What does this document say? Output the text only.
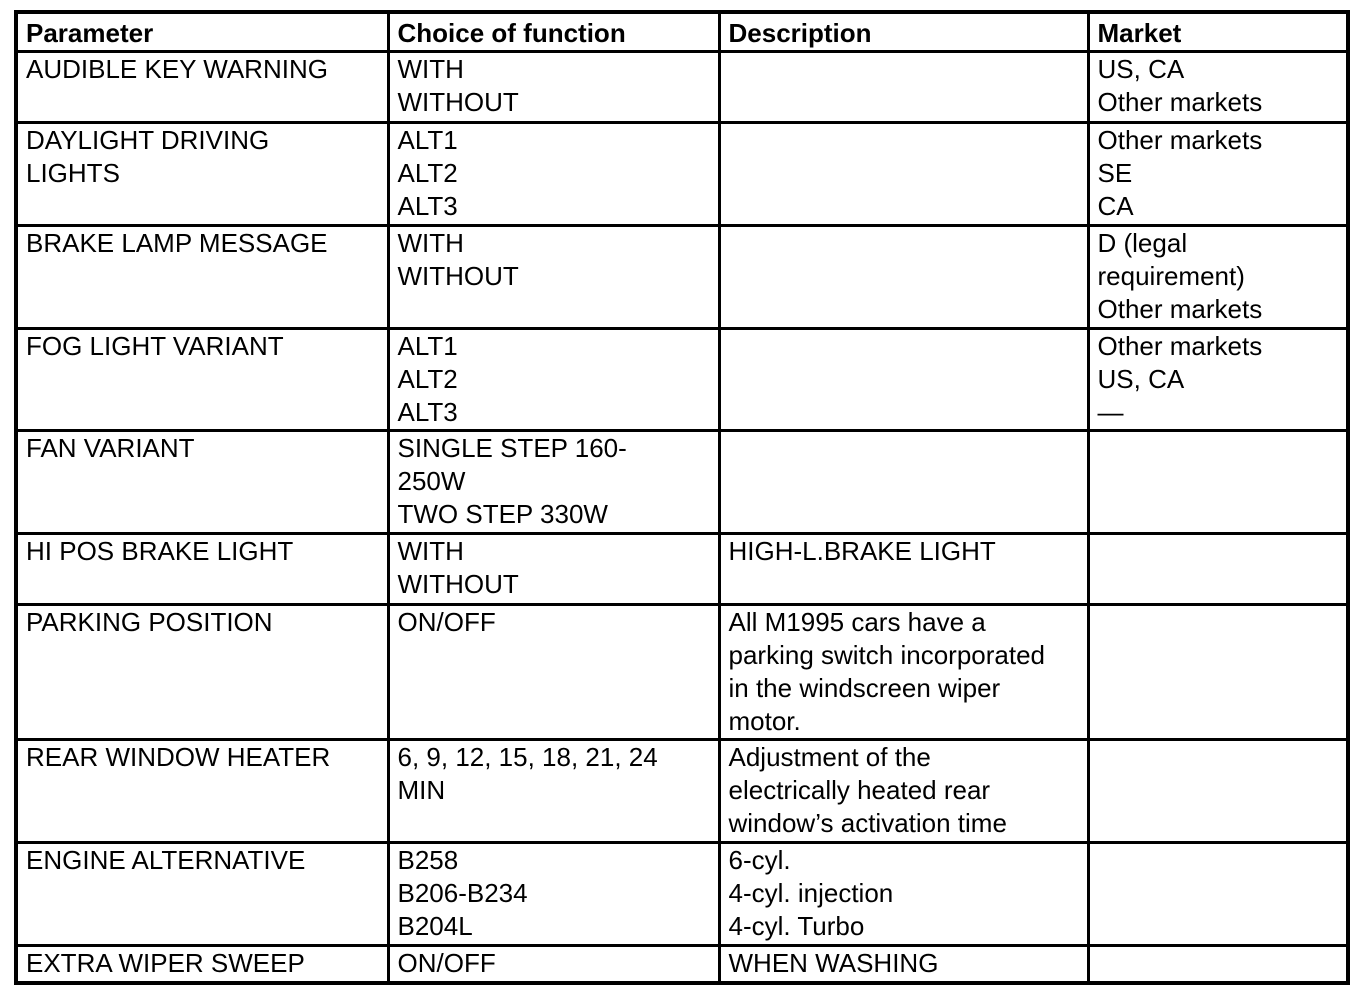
Parameter	Choice of function	Description	Market

AUDIBLE KEY WARNING	WITH
WITHOUT		US, CA
Other markets

DAYLIGHT DRIVING
LIGHTS	ALT1
ALT2
ALT3		Other markets
SE
CA

BRAKE LAMP MESSAGE	WITH
WITHOUT		D (legal
requirement)
Other markets

FOG LIGHT VARIANT	ALT1
ALT2
ALT3		Other markets
US, CA
—

FAN VARIANT	SINGLE STEP 160-
250W
TWO STEP 330W		

HI POS BRAKE LIGHT	WITH
WITHOUT	HIGH-L.BRAKE LIGHT	

PARKING POSITION	ON/OFF	All M1995 cars have a
parking switch incorporated
in the windscreen wiper
motor.	

REAR WINDOW HEATER	6, 9, 12, 15, 18, 21, 24
MIN	Adjustment of the
electrically heated rear
window’s activation time	

ENGINE ALTERNATIVE	B258
B206-B234
B204L	6-cyl.
4-cyl. injection
4-cyl. Turbo	

EXTRA WIPER SWEEP	ON/OFF	WHEN WASHING	
